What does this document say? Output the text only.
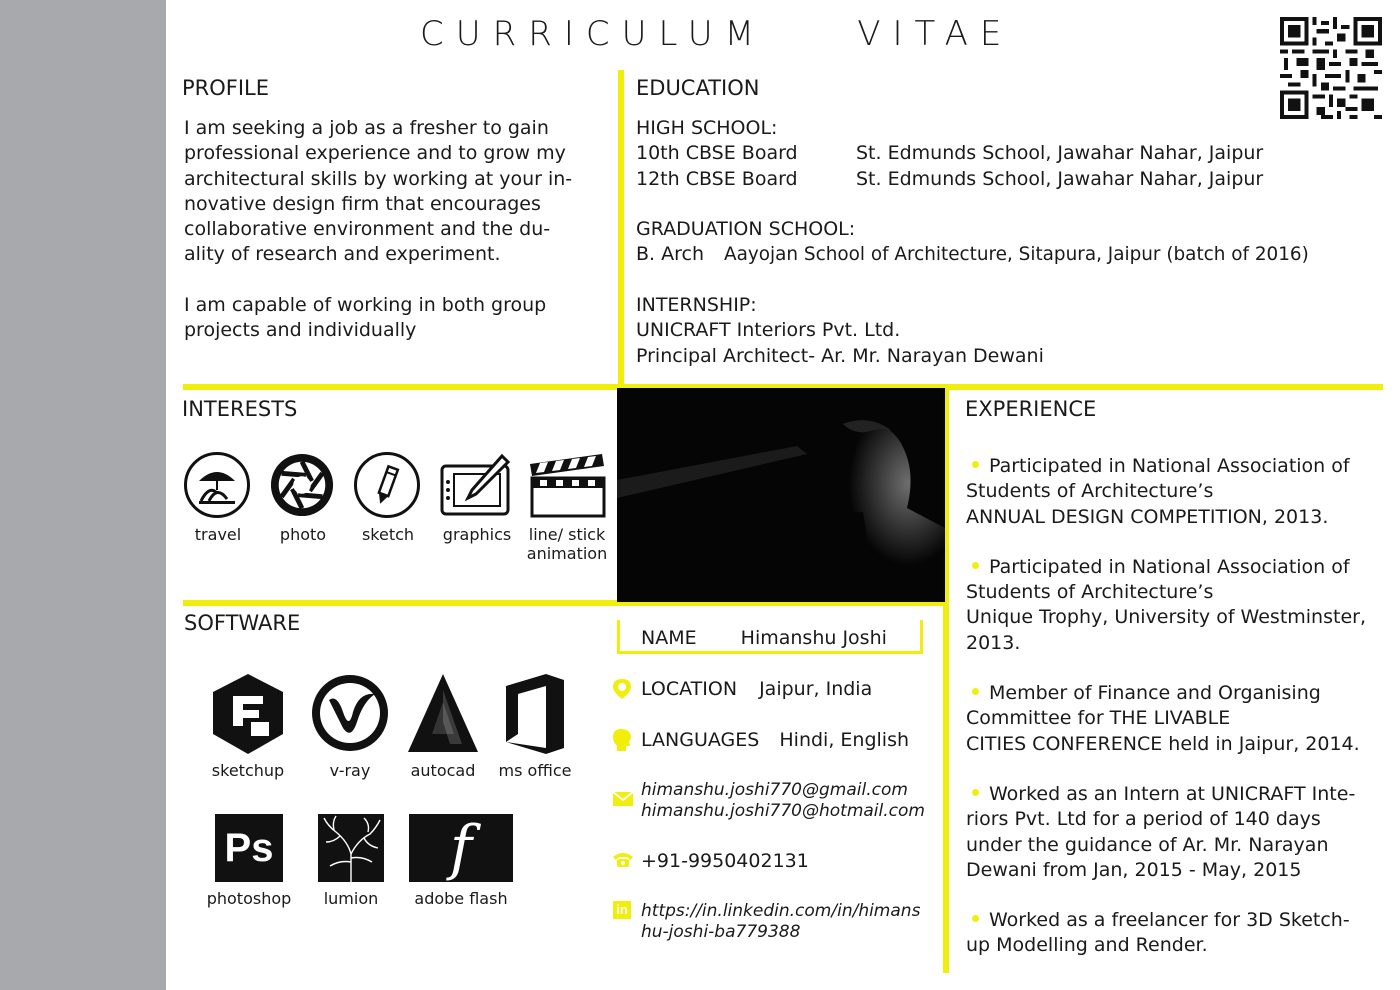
CURRICULUM    VITAE
PROFILE
I am seeking a job as a fresher to gain
professional experience and to grow my
architectural skills by working at your in-
novative design firm that encourages
collaborative environment and the du-
ality of research and experiment.
I am capable of working in both group
projects and individually
EDUCATION
HIGH SCHOOL:
10th CBSE Board	St. Edmunds School, Jawahar Nahar, Jaipur
12th CBSE Board	St. Edmunds School, Jawahar Nahar, Jaipur
GRADUATION SCHOOL:
B. Arch Aayojan School of Architecture, Sitapura, Jaipur (batch of 2016)
INTERNSHIP:
UNICRAFT Interiors Pvt. Ltd.
Principal Architect- Ar. Mr. Narayan Dewani
INTERESTS
travel	photo	sketch	graphics line/ stick
animation
EXPERIENCE
Participated in National Association of
Students of Architecture’s
ANNUAL DESIGN COMPETITION, 2013.
Participated in National Association of
Students of Architecture’s
Unique Trophy, University of Westminster,
2013.
Member of Finance and Organising
Committee for THE LIVABLE
CITIES CONFERENCE held in Jaipur, 2014.
Worked as an Intern at UNICRAFT Inte-
riors Pvt. Ltd for a period of 140 days
under the guidance of Ar. Mr. Narayan
Dewani from Jan, 2015 - May, 2015
Worked as a freelancer for 3D Sketch-
up Modelling and Render.
SOFTWARE
sketchup	v-ray	autocad	ms office
Ps
photoshop	lumion
f
adobe flash
NAME Himanshu Joshi
LOCATION Jaipur, India
LANGUAGES Hindi, English
himanshu.joshi770@gmail.com
himanshu.joshi770@hotmail.com
+91-9950402131
in https://in.linkedin.com/in/himans
hu-joshi-ba779388
